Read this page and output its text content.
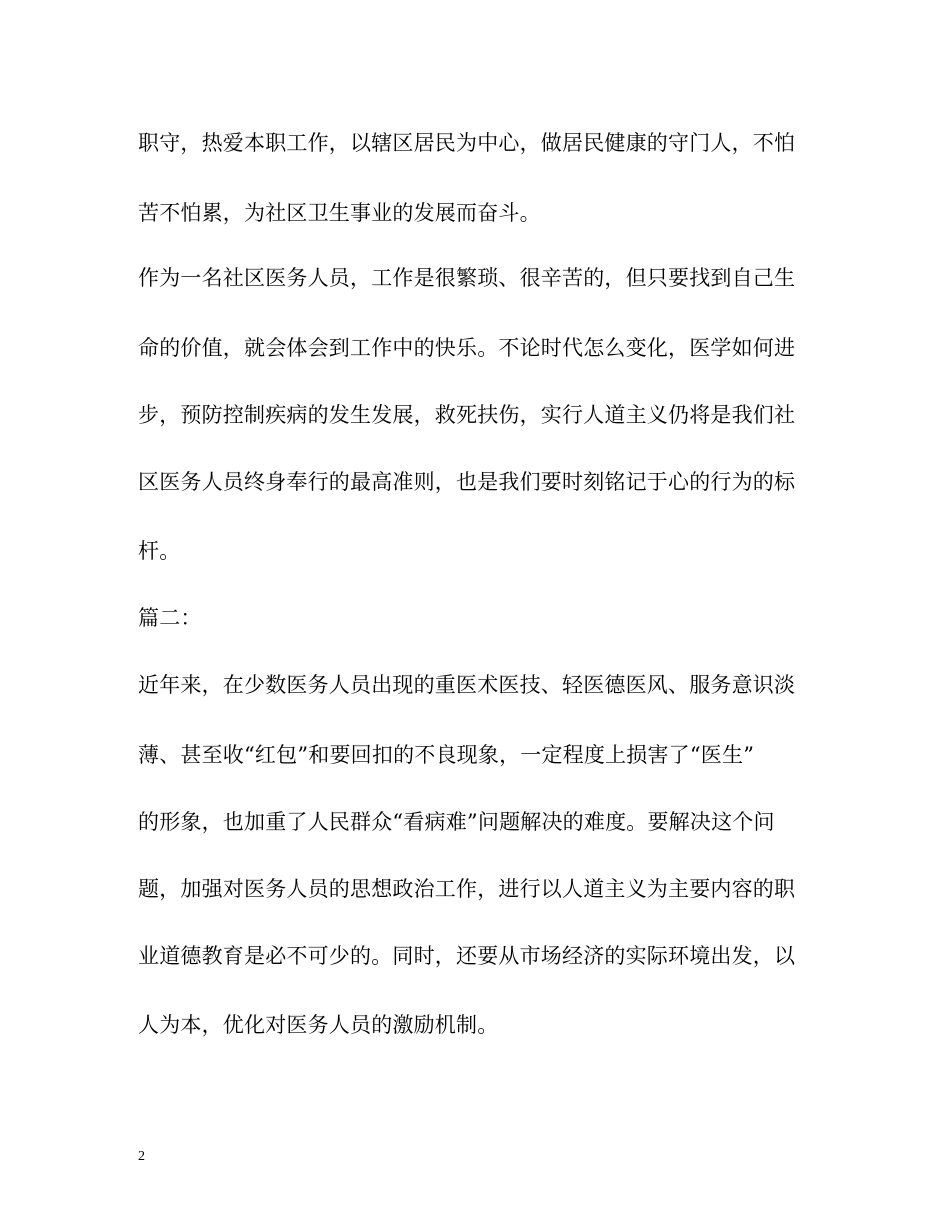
职守，热爱本职工作，以辖区居民为中心，做居民健康的守门人，不怕
苦不怕累，为社区卫生事业的发展而奋斗。
作为一名社区医务人员，工作是很繁琐、很辛苦的，但只要找到自己生
命的价值，就会体会到工作中的快乐。不论时代怎么变化，医学如何进
步，预防控制疾病的发生发展，救死扶伤，实行人道主义仍将是我们社
区医务人员终身奉行的最高准则，也是我们要时刻铭记于心的行为的标
杆。
篇二：
近年来，在少数医务人员出现的重医术医技、轻医德医风、服务意识淡
薄、甚至收“红包”和要回扣的不良现象，一定程度上损害了“医生”
的形象，也加重了人民群众“看病难”问题解决的难度。要解决这个问
题，加强对医务人员的思想政治工作，进行以人道主义为主要内容的职
业道德教育是必不可少的。同时，还要从市场经济的实际环境出发，以
人为本，优化对医务人员的激励机制。
2
